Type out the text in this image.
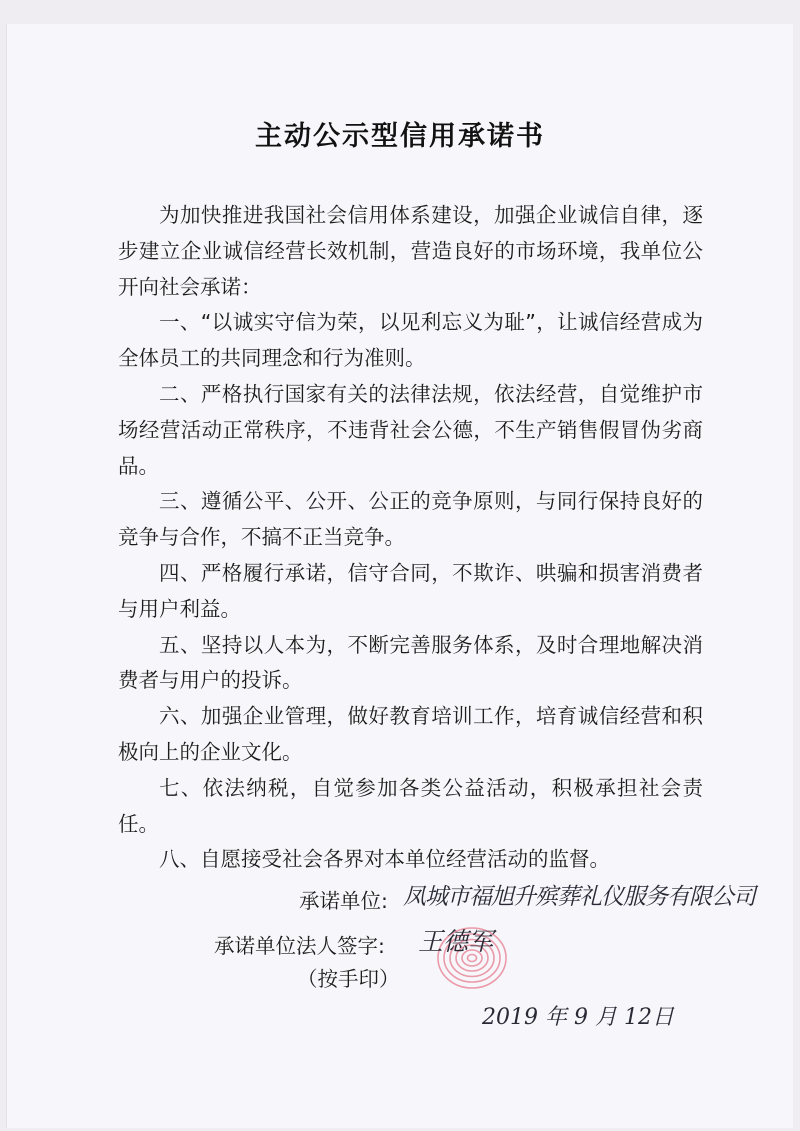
主动公示型信用承诺书

为加快推进我国社会信用体系建设，加强企业诚信自律，逐步建立企业诚信经营长效机制，营造良好的市场环境，我单位公开向社会承诺：

一、“以诚实守信为荣，以见利忘义为耻”，让诚信经营成为全体员工的共同理念和行为准则。

二、严格执行国家有关的法律法规，依法经营，自觉维护市场经营活动正常秩序，不违背社会公德，不生产销售假冒伪劣商品。

三、遵循公平、公开、公正的竞争原则，与同行保持良好的竞争与合作，不搞不正当竞争。

四、严格履行承诺，信守合同，不欺诈、哄骗和损害消费者与用户利益。

五、坚持以人本为，不断完善服务体系，及时合理地解决消费者与用户的投诉。

六、加强企业管理，做好教育培训工作，培育诚信经营和积极向上的企业文化。

七、依法纳税，自觉参加各类公益活动，积极承担社会责任。

八、自愿接受社会各界对本单位经营活动的监督。

承诺单位: 凤城市福旭升殡葬礼仪服务有限公司
承诺单位法人签字: 王德军
（按手印）
2019 年 9 月 12日
